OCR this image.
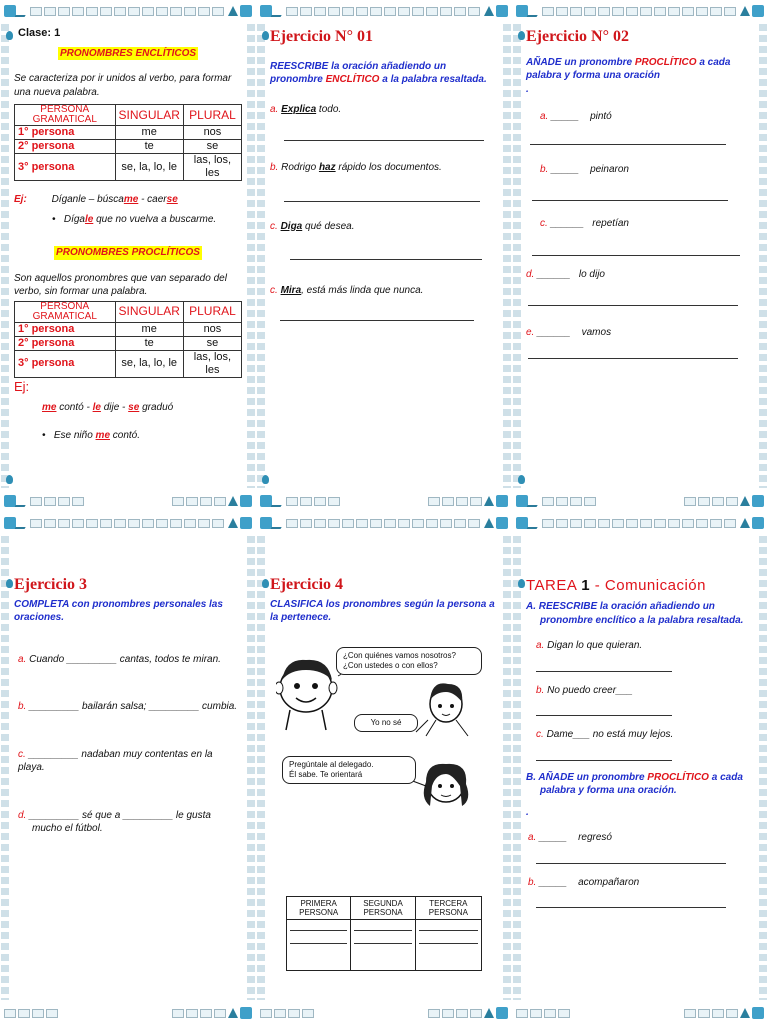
Clase: 1
PRONOMBRES ENCLÍTICOS
Se caracteriza por ir unidos al verbo, para formar una nueva palabra.
PERSONA GRAMATICAL	SINGULAR	PLURAL
1° persona	me	nos
2° persona	te	se
3° persona	se, la, lo, le	las, los, les
Ej: Díganle – búscame - caerse
•   Dígale que no vuelva a buscarme.
PRONOMBRES PROCLÍTICOS
Son aquellos pronombres que van separado del verbo, sin formar una palabra.
PERSONA GRAMATICAL	SINGULAR	PLURAL
1° persona	me	nos
2° persona	te	se
3° persona	se, la, lo, le	las, los, les
Ej:
me contó - le dije - se graduó
•   Ese niño me contó.
Ejercicio N° 01
REESCRIBE la oración añadiendo un pronombre ENCLÍTICO a la palabra resaltada.
a. Explica todo.
b. Rodrigo haz rápido los documentos.
c. Diga qué desea.
c. Mira, está más linda que nunca.
Ejercicio N° 02
AÑADE un pronombre PROCLÍTICO a cada palabra y forma una oración
.
a. _____ pintó
b. _____ peinaron
c. ______ repetían
d. ______ lo dijo
e. ______ vamos
Ejercicio 3
COMPLETA con pronombres personales las oraciones.
a. Cuando _________ cantas, todos te miran.
b. _________ bailarán salsa; _________ cumbia.
c. _________ nadaban muy contentas en la playa.
d. _________ sé que a _________ le gusta mucho el fútbol.
Ejercicio 4
CLASIFICA los pronombres según la persona a la pertenece.
¿Con quiénes vamos nosotros?
¿Con ustedes o con ellos?
Yo no sé
Pregúntale al delegado.
Él sabe. Te orientará
PRIMERA PERSONA	SEGUNDA PERSONA	TERCERA PERSONA

TAREA 1 - Comunicación
A. REESCRIBE la oración añadiendo un pronombre enclítico a la palabra resaltada.
a. Digan lo que quieran.
b. No puedo creer___
c. Dame___ no está muy lejos.
B. AÑADE un pronombre PROCLÍTICO a cada palabra y forma una oración.
.
a. _____ regresó
b. _____ acompañaron
